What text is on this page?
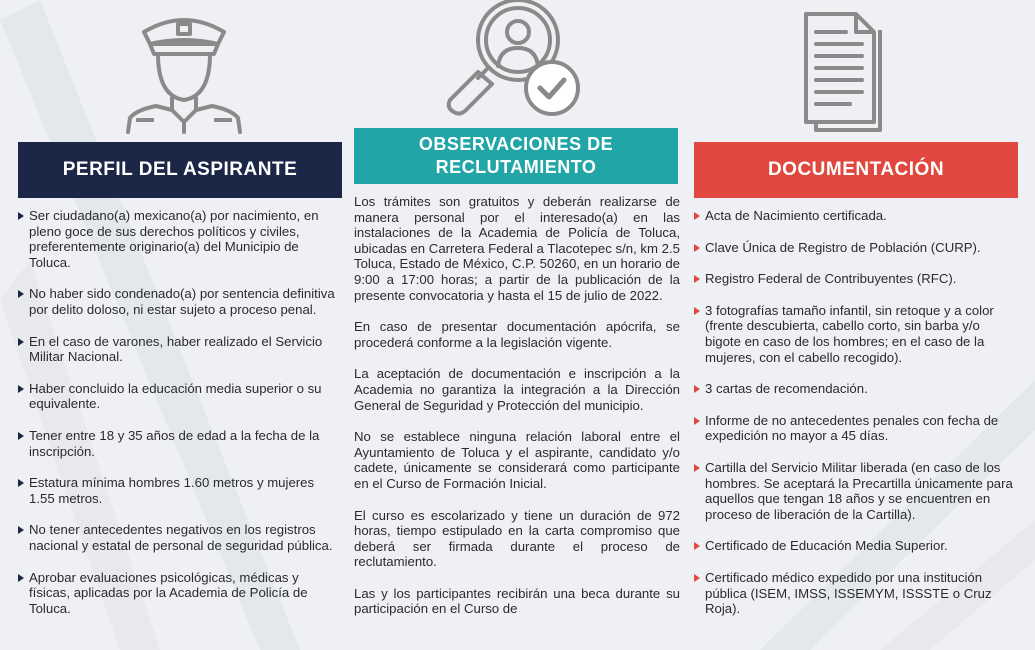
PERFIL DEL ASPIRANTE
OBSERVACIONES DE
RECLUTAMIENTO	DOCUMENTACIÓN
Ser ciudadano(a) mexicano(a) por nacimiento, en pleno goce de sus derechos políticos y civiles, preferentemente originario(a) del Municipio de Toluca.
No haber sido condenado(a) por sentencia definitiva por delito doloso, ni estar sujeto a proceso penal.
En el caso de varones, haber realizado el Servicio Militar Nacional.
Haber concluido la educación media superior o su equivalente.
Tener entre 18 y 35 años de edad a la fecha de la inscripción.
Estatura mínima hombres 1.60 metros y mujeres 1.55 metros.
No tener antecedentes negativos en los registros nacional y estatal de personal de seguridad pública.
Aprobar evaluaciones psicológicas, médicas y físicas, aplicadas por la Academia de Policía de Toluca.

Los trámites son gratuitos y deberán realizarse de manera personal por el interesado(a) en las instalaciones de la Academia de Policía de Toluca, ubicadas en Carretera Federal a Tlacotepec s/n, km 2.5 Toluca, Estado de México, C.P. 50260, en un horario de 9:00 a 17:00 horas; a partir de la publicación de la presente convocatoria y hasta el 15 de julio de 2022.

En caso de presentar documentación apócrifa, se procederá conforme a la legislación vigente.

La aceptación de documentación e inscripción a la Academia no garantiza la integración a la Dirección General de Seguridad y Protección del municipio.

No se establece ninguna relación laboral entre el Ayuntamiento de Toluca y el aspirante, candidato y/o cadete, únicamente se considerará como participante en el Curso de Formación Inicial.

El curso es escolarizado y tiene un duración de 972 horas, tiempo estipulado en la carta compromiso que deberá ser firmada durante el proceso de reclutamiento.

Las y los participantes recibirán una beca durante su participación en el Curso de

Acta de Nacimiento certificada.
Clave Única de Registro de Población (CURP).
Registro Federal de Contribuyentes (RFC).
3 fotografías tamaño infantil, sin retoque y a color (frente descubierta, cabello corto, sin barba y/o bigote en caso de los hombres; en el caso de la mujeres, con el cabello recogido).
3 cartas de recomendación.
Informe de no antecedentes penales con fecha de expedición no mayor a 45 días.
Cartilla del Servicio Militar liberada (en caso de los hombres. Se aceptará la Precartilla únicamente para aquellos que tengan 18 años y se encuentren en proceso de liberación de la Cartilla).
Certificado de Educación Media Superior.
Certificado médico expedido por una institución pública (ISEM, IMSS, ISSEMYM, ISSSTE o Cruz Roja).
